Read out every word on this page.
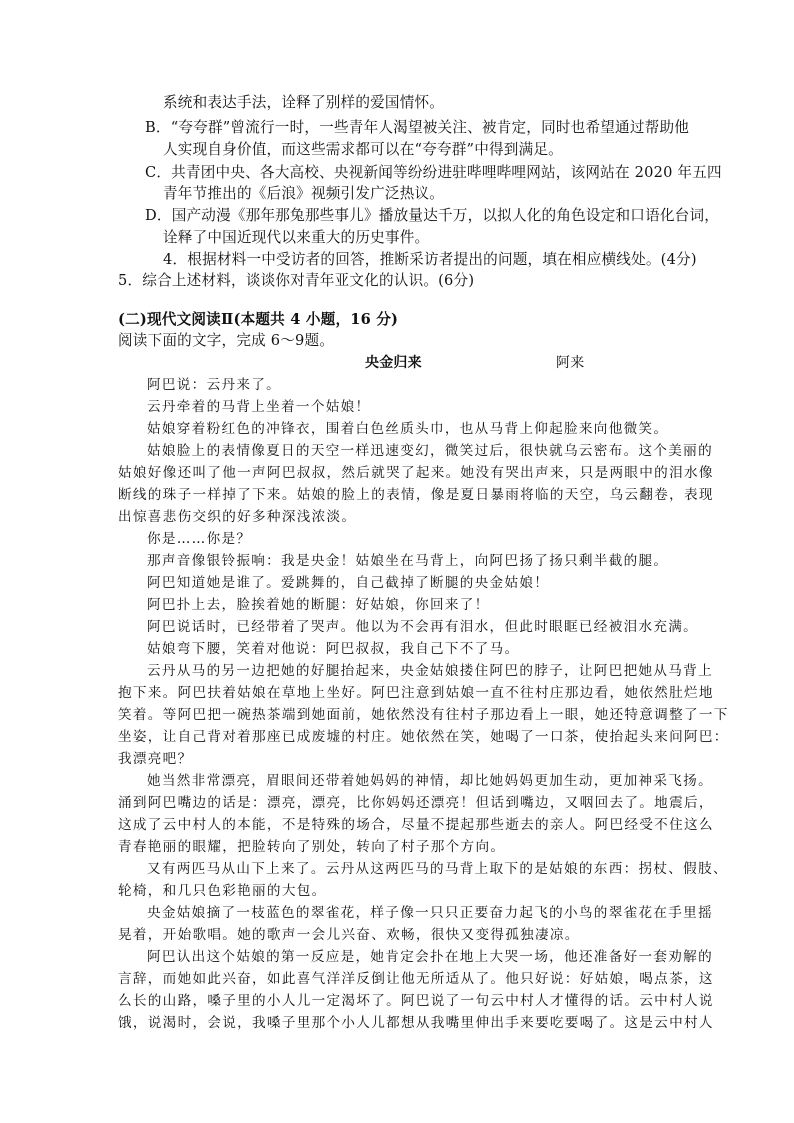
系统和表达手法，诠释了别样的爱国情怀。
B．“夸夸群”曾流行一时，一些青年人渴望被关注、被肯定，同时也希望通过帮助他
人实现自身价值，而这些需求都可以在“夸夸群”中得到满足。
C．共青团中央、各大高校、央视新闻等纷纷进驻哔哩哔哩网站，该网站在 2020 年五四
青年节推出的《后浪》视频引发广泛热议。
D．国产动漫《那年那兔那些事儿》播放量达千万，以拟人化的角色设定和口语化台词，
诠释了中国近现代以来重大的历史事件。
4．根据材料一中受访者的回答，推断采访者提出的问题，填在相应横线处。(4分)
5．综合上述材料，谈谈你对青年亚文化的认识。(6分)
(二)现代文阅读Ⅱ(本题共 4 小题，16 分)
阅读下面的文字，完成 6～9题。
央金归来	阿来
阿巴说：云丹来了。
云丹牵着的马背上坐着一个姑娘！
姑娘穿着粉红色的冲锋衣，围着白色丝质头巾，也从马背上仰起脸来向他微笑。
姑娘脸上的表情像夏日的天空一样迅速变幻，微笑过后，很快就乌云密布。这个美丽的
姑娘好像还叫了他一声阿巴叔叔，然后就哭了起来。她没有哭出声来，只是两眼中的泪水像
断线的珠子一样掉了下来。姑娘的脸上的表情，像是夏日暴雨将临的天空，乌云翻卷，表现
出惊喜悲伤交织的好多种深浅浓淡。
你是……你是？
那声音像银铃振响：我是央金！姑娘坐在马背上，向阿巴扬了扬只剩半截的腿。
阿巴知道她是谁了。爱跳舞的，自己截掉了断腿的央金姑娘！
阿巴扑上去，脸挨着她的断腿：好姑娘，你回来了！
阿巴说话时，已经带着了哭声。他以为不会再有泪水，但此时眼眶已经被泪水充满。
姑娘弯下腰，笑着对他说：阿巴叔叔，我自己下不了马。
云丹从马的另一边把她的好腿抬起来，央金姑娘搂住阿巴的脖子，让阿巴把她从马背上
抱下来。阿巴扶着姑娘在草地上坐好。阿巴注意到姑娘一直不往村庄那边看，她依然肚烂地
笑着。等阿巴把一碗热茶端到她面前，她依然没有往村子那边看上一眼，她还特意调整了一下
坐姿，让自己背对着那座已成废墟的村庄。她依然在笑，她喝了一口茶，使抬起头来问阿巴：
我漂亮吧？
她当然非常漂亮，眉眼间还带着她妈妈的神情，却比她妈妈更加生动，更加神采飞扬。
涌到阿巴嘴边的话是：漂亮，漂亮，比你妈妈还漂亮！但话到嘴边，又咽回去了。地震后，
这成了云中村人的本能，不是特殊的场合，尽量不提起那些逝去的亲人。阿巴经受不住这么
青春艳丽的眼耀，把脸转向了别处，转向了村子那个方向。
又有两匹马从山下上来了。云丹从这两匹马的马背上取下的是姑娘的东西：拐杖、假肢、
轮椅，和几只色彩艳丽的大包。
央金姑娘摘了一枝蓝色的翠雀花，样子像一只只正要奋力起飞的小鸟的翠雀花在手里摇
晃着，开始歌唱。她的歌声一会儿兴奋、欢畅，很快又变得孤独凄凉。
阿巴认出这个姑娘的第一反应是，她肯定会扑在地上大哭一场，他还准备好一套劝解的
言辞，而她如此兴奋，如此喜气洋洋反倒让他无所适从了。他只好说：好姑娘，喝点茶，这
么长的山路，嗓子里的小人儿一定渴坏了。阿巴说了一句云中村人才懂得的话。云中村人说
饿，说渴时，会说，我嗓子里那个小人儿都想从我嘴里伸出手来要吃要喝了。这是云中村人
